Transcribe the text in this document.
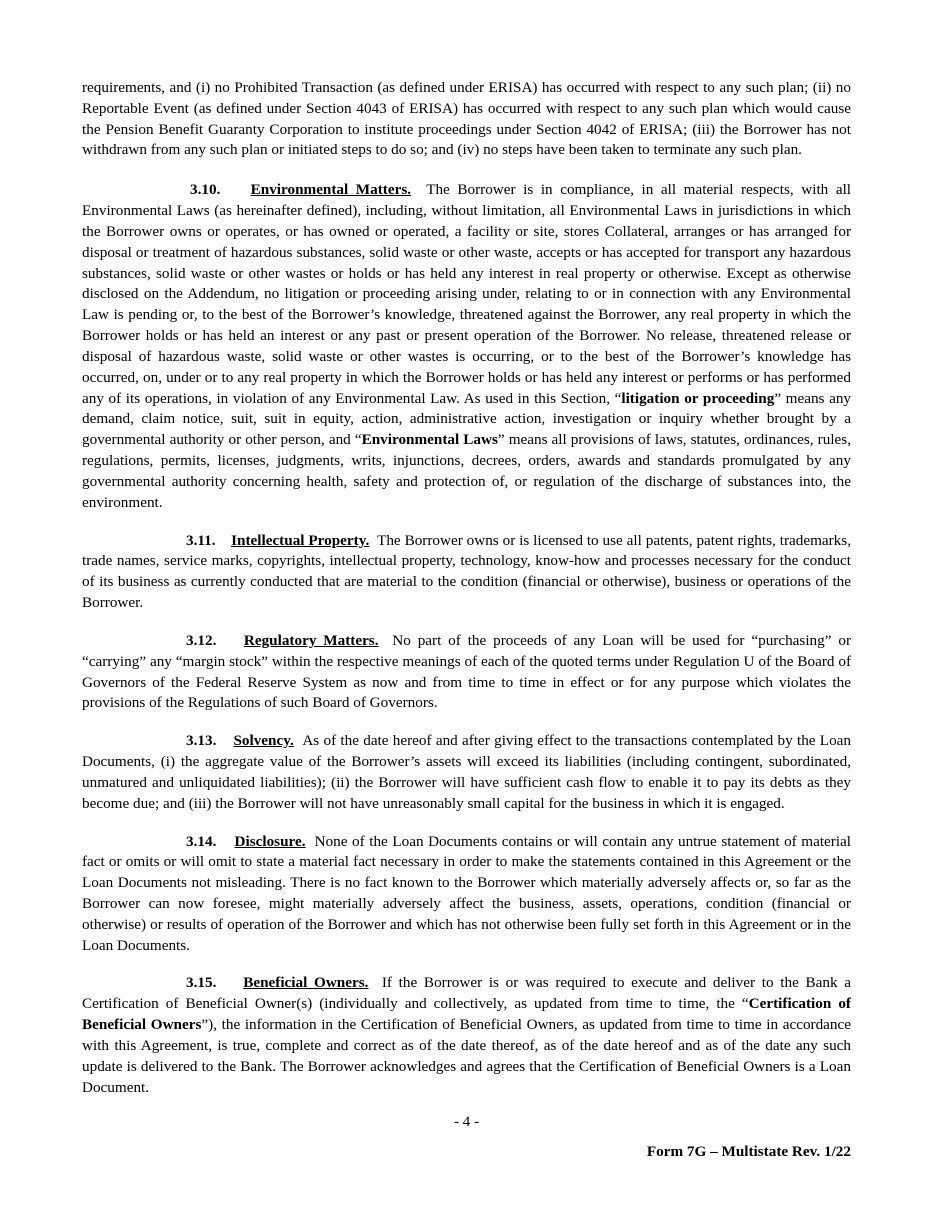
requirements, and (i) no Prohibited Transaction (as defined under ERISA) has occurred with respect to any such plan; (ii) no Reportable Event (as defined under Section 4043 of ERISA) has occurred with respect to any such plan which would cause the Pension Benefit Guaranty Corporation to institute proceedings under Section 4042 of ERISA; (iii) the Borrower has not withdrawn from any such plan or initiated steps to do so; and (iv) no steps have been taken to terminate any such plan.

3.10. Environmental Matters. The Borrower is in compliance, in all material respects, with all Environmental Laws (as hereinafter defined), including, without limitation, all Environmental Laws in jurisdictions in which the Borrower owns or operates, or has owned or operated, a facility or site, stores Collateral, arranges or has arranged for disposal or treatment of hazardous substances, solid waste or other waste, accepts or has accepted for transport any hazardous substances, solid waste or other wastes or holds or has held any interest in real property or otherwise. Except as otherwise disclosed on the Addendum, no litigation or proceeding arising under, relating to or in connection with any Environmental Law is pending or, to the best of the Borrower’s knowledge, threatened against the Borrower, any real property in which the Borrower holds or has held an interest or any past or present operation of the Borrower. No release, threatened release or disposal of hazardous waste, solid waste or other wastes is occurring, or to the best of the Borrower’s knowledge has occurred, on, under or to any real property in which the Borrower holds or has held any interest or performs or has performed any of its operations, in violation of any Environmental Law. As used in this Section, “litigation or proceeding” means any demand, claim notice, suit, suit in equity, action, administrative action, investigation or inquiry whether brought by a governmental authority or other person, and “Environmental Laws” means all provisions of laws, statutes, ordinances, rules, regulations, permits, licenses, judgments, writs, injunctions, decrees, orders, awards and standards promulgated by any governmental authority concerning health, safety and protection of, or regulation of the discharge of substances into, the environment.

3.11. Intellectual Property. The Borrower owns or is licensed to use all patents, patent rights, trademarks, trade names, service marks, copyrights, intellectual property, technology, know-how and processes necessary for the conduct of its business as currently conducted that are material to the condition (financial or otherwise), business or operations of the Borrower.

3.12. Regulatory Matters. No part of the proceeds of any Loan will be used for “purchasing” or “carrying” any “margin stock” within the respective meanings of each of the quoted terms under Regulation U of the Board of Governors of the Federal Reserve System as now and from time to time in effect or for any purpose which violates the provisions of the Regulations of such Board of Governors.

3.13. Solvency. As of the date hereof and after giving effect to the transactions contemplated by the Loan Documents, (i) the aggregate value of the Borrower’s assets will exceed its liabilities (including contingent, subordinated, unmatured and unliquidated liabilities); (ii) the Borrower will have sufficient cash flow to enable it to pay its debts as they become due; and (iii) the Borrower will not have unreasonably small capital for the business in which it is engaged.

3.14. Disclosure. None of the Loan Documents contains or will contain any untrue statement of material fact or omits or will omit to state a material fact necessary in order to make the statements contained in this Agreement or the Loan Documents not misleading. There is no fact known to the Borrower which materially adversely affects or, so far as the Borrower can now foresee, might materially adversely affect the business, assets, operations, condition (financial or otherwise) or results of operation of the Borrower and which has not otherwise been fully set forth in this Agreement or in the Loan Documents.

3.15. Beneficial Owners. If the Borrower is or was required to execute and deliver to the Bank a Certification of Beneficial Owner(s) (individually and collectively, as updated from time to time, the “Certification of Beneficial Owners”), the information in the Certification of Beneficial Owners, as updated from time to time in accordance with this Agreement, is true, complete and correct as of the date thereof, as of the date hereof and as of the date any such update is delivered to the Bank. The Borrower acknowledges and agrees that the Certification of Beneficial Owners is a Loan Document.

- 4 -
Form 7G – Multistate Rev. 1/22
